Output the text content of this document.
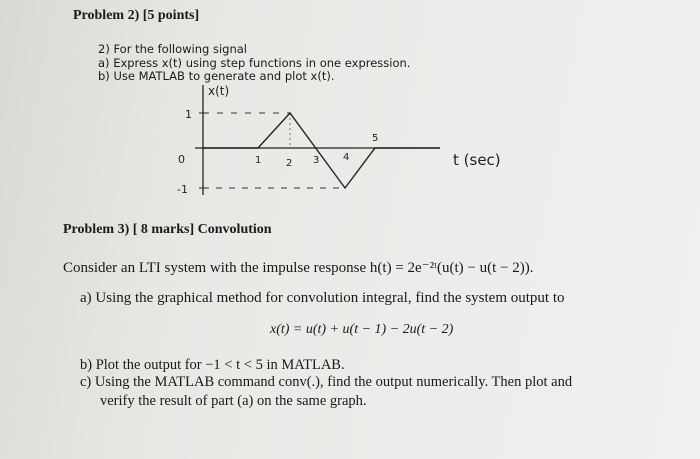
Problem 2) [5 points]
2) For the following signal
a) Express x(t) using step functions in one expression.
b) Use MATLAB to generate and plot x(t).
x(t)
1
0
-1
1 2 3 4
5
t (sec)
Problem 3) [ 8 marks] Convolution
Consider an LTI system with the impulse response h(t) = 2e⁻²ᵗ(u(t) − u(t − 2)).
a) Using the graphical method for convolution integral, find the system output to
x(t) = u(t) + u(t − 1) − 2u(t − 2)
b) Plot the output for −1 < t < 5 in MATLAB.
c) Using the MATLAB command conv(.), find the output numerically. Then plot and
verify the result of part (a) on the same graph.
